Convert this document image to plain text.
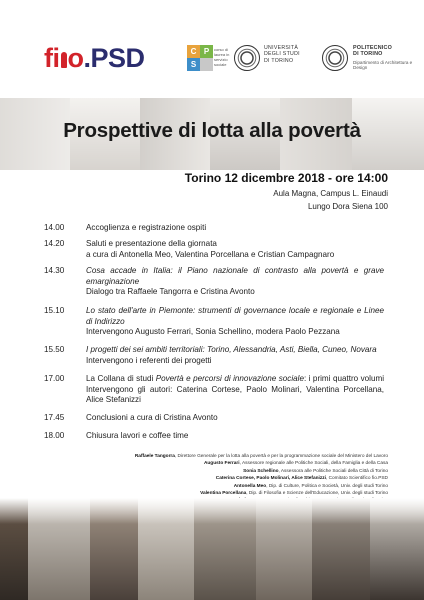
fi o.PSD	C P
S
corso di laurea in servizio sociale
UNIVERSITÀ
DEGLI STUDI
DI TORINO
POLITECNICO
DI TORINO
Dipartimento di Architettura e Design
Prospettive di lotta alla povertà
Torino 12 dicembre 2018 - ore 14:00
Aula Magna, Campus L. Einaudi
Lungo Dora Siena 100
14.00	Accoglienza e registrazione ospiti
14.20	Saluti e presentazione della giornata
a cura di Antonella Meo, Valentina Porcellana e Cristian Campagnaro
14.30	Cosa accade in Italia: il Piano nazionale di contrasto alla povertà e grave emarginazione
Dialogo tra Raffaele Tangorra e Cristina Avonto
15.10	Lo stato dell'arte in Piemonte: strumenti di governance locale e regionale e Linee di Indirizzo
Intervengono Augusto Ferrari, Sonia Schellino, modera Paolo Pezzana
15.50	I progetti dei sei ambiti territoriali: Torino, Alessandria, Asti, Biella, Cuneo, Novara
Intervengono i referenti dei progetti
17.00	La Collana di studi Povertà e percorsi di innovazione sociale: i primi quattro volumi Intervengono gli autori: Caterina Cortese, Paolo Molinari, Valentina Porcellana, Alice Stefanizzi
17.45	Conclusioni a cura di Cristina Avonto
18.00	Chiusura lavori e coffee time
Raffaele Tangorra, Direttore Generale per la lotta alla povertà e per la programmazione sociale del Ministero del Lavoro
Augusto Ferrari, Assessore regionale alle Politiche Sociali, della Famiglia e della Casa
Sonia Schellino, Assessora alle Politiche Sociali della Città di Torino
Caterina Cortese, Paolo Molinari, Alice Stefanizzi, Comitato Scientifico fio.PSD
Antonella Meo, Dip. di Culture, Politica e Società, Univ. degli studi Torino
Valentina Porcellana, Dip. di Filosofia e Scienze dell'Educazione, Univ. degli studi Torino
